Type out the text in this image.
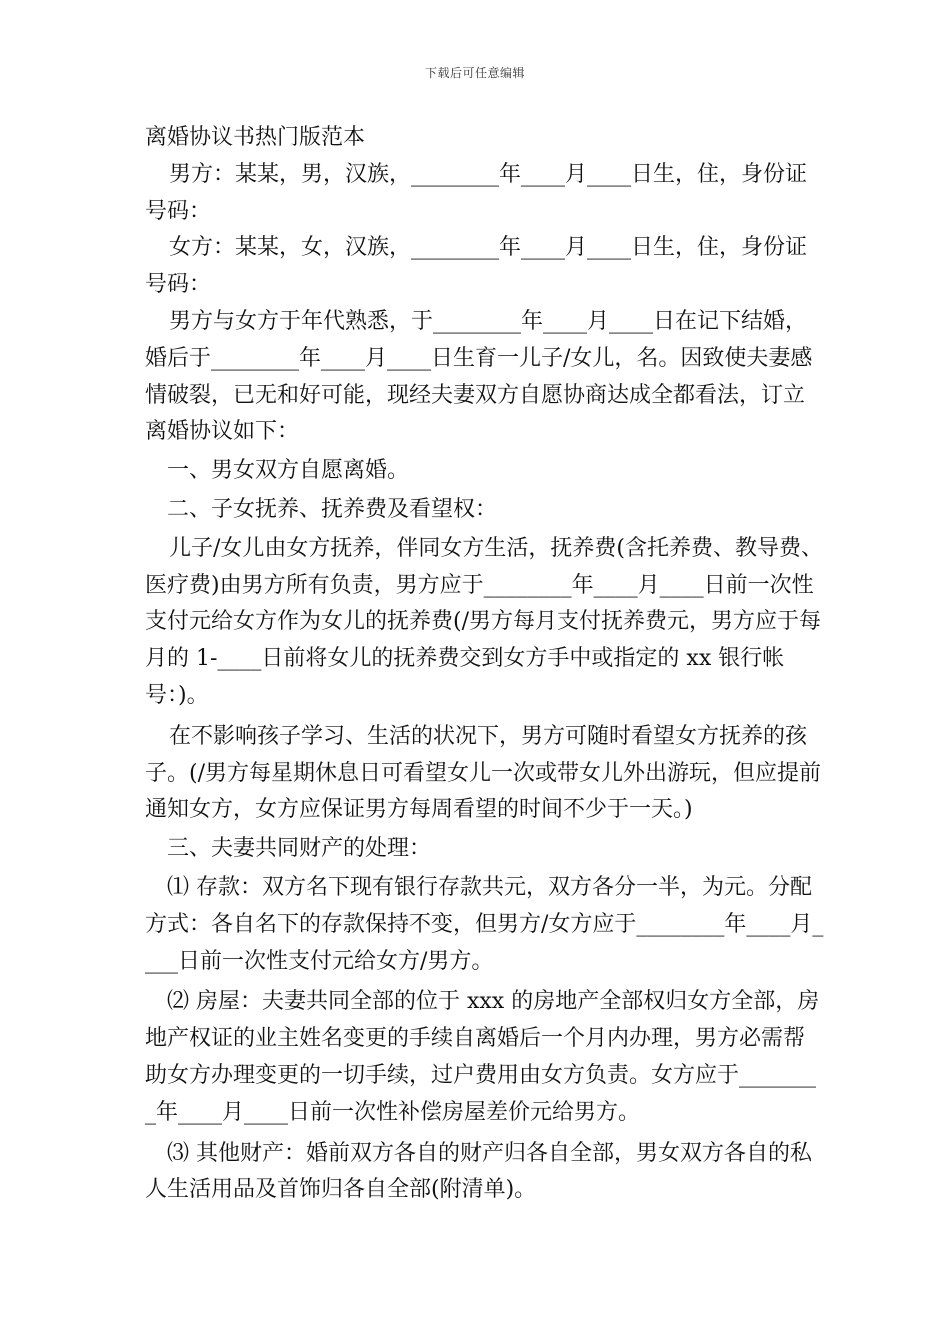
下载后可任意编辑
离婚协议书热门版范本

男方：某某，男，汉族，________年____月____日生，住，身份证号码：

女方：某某，女，汉族，________年____月____日生，住，身份证号码：

男方与女方于年代熟悉，于________年____月____日在记下结婚，婚后于________年____月____日生育一儿子/女儿，名。因致使夫妻感情破裂，已无和好可能，现经夫妻双方自愿协商达成全都看法，订立离婚协议如下：

一、男女双方自愿离婚。

二、子女抚养、抚养费及看望权：

儿子/女儿由女方抚养，伴同女方生活，抚养费(含托养费、教导费、医疗费)由男方所有负责，男方应于________年____月____日前一次性支付元给女方作为女儿的抚养费(/男方每月支付抚养费元，男方应于每月的 1-____日前将女儿的抚养费交到女方手中或指定的 xx 银行帐号：)。

在不影响孩子学习、生活的状况下，男方可随时看望女方抚养的孩子。(/男方每星期休息日可看望女儿一次或带女儿外出游玩，但应提前通知女方，女方应保证男方每周看望的时间不少于一天。)

三、夫妻共同财产的处理：

⑴ 存款：双方名下现有银行存款共元，双方各分一半，为元。分配方式：各自名下的存款保持不变，但男方/女方应于________年____月____日前一次性支付元给女方/男方。

⑵ 房屋：夫妻共同全部的位于 xxx 的房地产全部权归女方全部，房地产权证的业主姓名变更的手续自离婚后一个月内办理，男方必需帮助女方办理变更的一切手续，过户费用由女方负责。女方应于________年____月____日前一次性补偿房屋差价元给男方。

⑶ 其他财产：婚前双方各自的财产归各自全部，男女双方各自的私人生活用品及首饰归各自全部(附清单)。
